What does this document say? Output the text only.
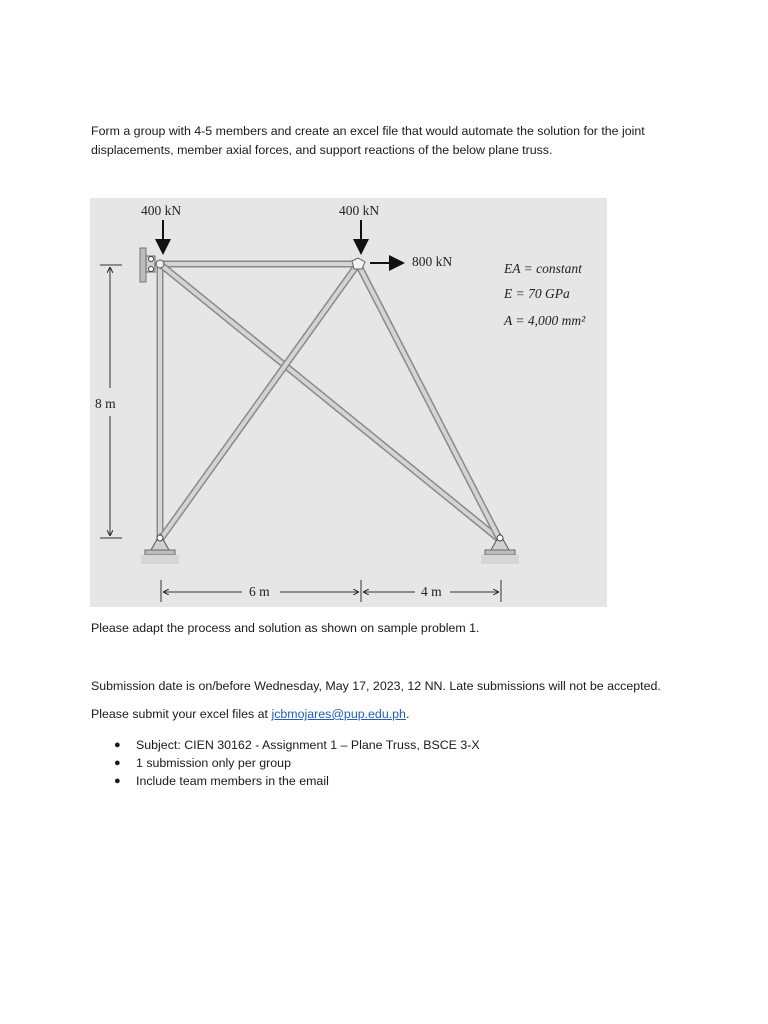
Form a group with 4-5 members and create an excel file that would automate the solution for the joint displacements, member axial forces, and support reactions of the below plane truss.

400 kN	400 kN
800 kN	EA = constant
E = 70 GPa
A = 4,000 mm²
8 m
6 m	4 m

Please adapt the process and solution as shown on sample problem 1.

Submission date is on/before Wednesday, May 17, 2023, 12 NN. Late submissions will not be accepted.

Please submit your excel files at jcbmojares@pup.edu.ph.

● Subject: CIEN 30162 - Assignment 1 – Plane Truss, BSCE 3-X
● 1 submission only per group
● Include team members in the email
